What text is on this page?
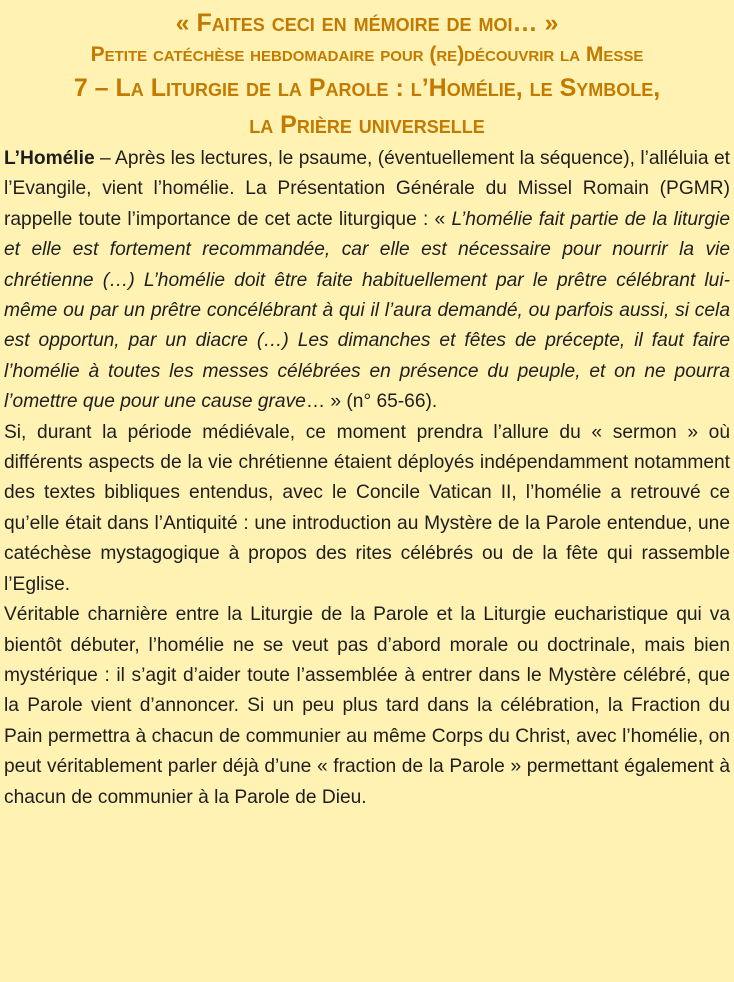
« Faites ceci en mémoire de moi… »
Petite catéchèse hebdomadaire pour (re)découvrir la Messe
7 – La Liturgie de la Parole : l’Homélie, le Symbole,
la Prière universelle

L’Homélie – Après les lectures, le psaume, (éventuellement la séquence), l’alléluia et l’Evangile, vient l’homélie. La Présentation Générale du Missel Romain (PGMR) rappelle toute l’importance de cet acte liturgique : « L’homélie fait partie de la liturgie et elle est fortement recommandée, car elle est nécessaire pour nourrir la vie chrétienne (…) L’homélie doit être faite habituellement par le prêtre célébrant lui-même ou par un prêtre concélébrant à qui il l’aura demandé, ou parfois aussi, si cela est opportun, par un diacre (…) Les dimanches et fêtes de précepte, il faut faire l’homélie à toutes les messes célébrées en présence du peuple, et on ne pourra l’omettre que pour une cause grave… » (n° 65-66).

Si, durant la période médiévale, ce moment prendra l’allure du « sermon » où différents aspects de la vie chrétienne étaient déployés indépendamment notamment des textes bibliques entendus, avec le Concile Vatican II, l’homélie a retrouvé ce qu’elle était dans l’Antiquité : une introduction au Mystère de la Parole entendue, une catéchèse mystagogique à propos des rites célébrés ou de la fête qui rassemble l’Eglise.

Véritable charnière entre la Liturgie de la Parole et la Liturgie eucharistique qui va bientôt débuter, l’homélie ne se veut pas d’abord morale ou doctrinale, mais bien mystérique : il s’agit d’aider toute l’assemblée à entrer dans le Mystère célébré, que la Parole vient d’annoncer. Si un peu plus tard dans la célébration, la Fraction du Pain permettra à chacun de communier au même Corps du Christ, avec l’homélie, on peut véritablement parler déjà d’une « fraction de la Parole » permettant également à chacun de communier à la Parole de Dieu.
